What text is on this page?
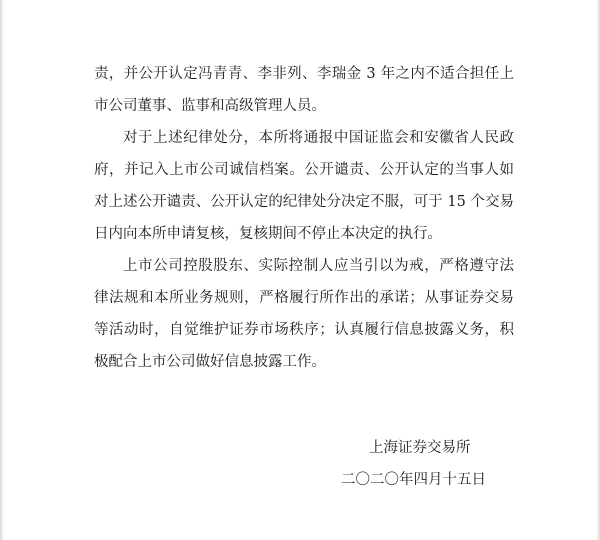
责，并公开认定冯青青、李非列、李瑞金 3 年之内不适合担任上市公司董事、监事和高级管理人员。

对于上述纪律处分，本所将通报中国证监会和安徽省人民政府，并记入上市公司诚信档案。公开谴责、公开认定的当事人如对上述公开谴责、公开认定的纪律处分决定不服，可于 15 个交易日内向本所申请复核，复核期间不停止本决定的执行。

上市公司控股股东、实际控制人应当引以为戒，严格遵守法律法规和本所业务规则，严格履行所作出的承诺；从事证券交易等活动时，自觉维护证券市场秩序；认真履行信息披露义务，积极配合上市公司做好信息披露工作。

上海证券交易所
二〇二〇年四月十五日
